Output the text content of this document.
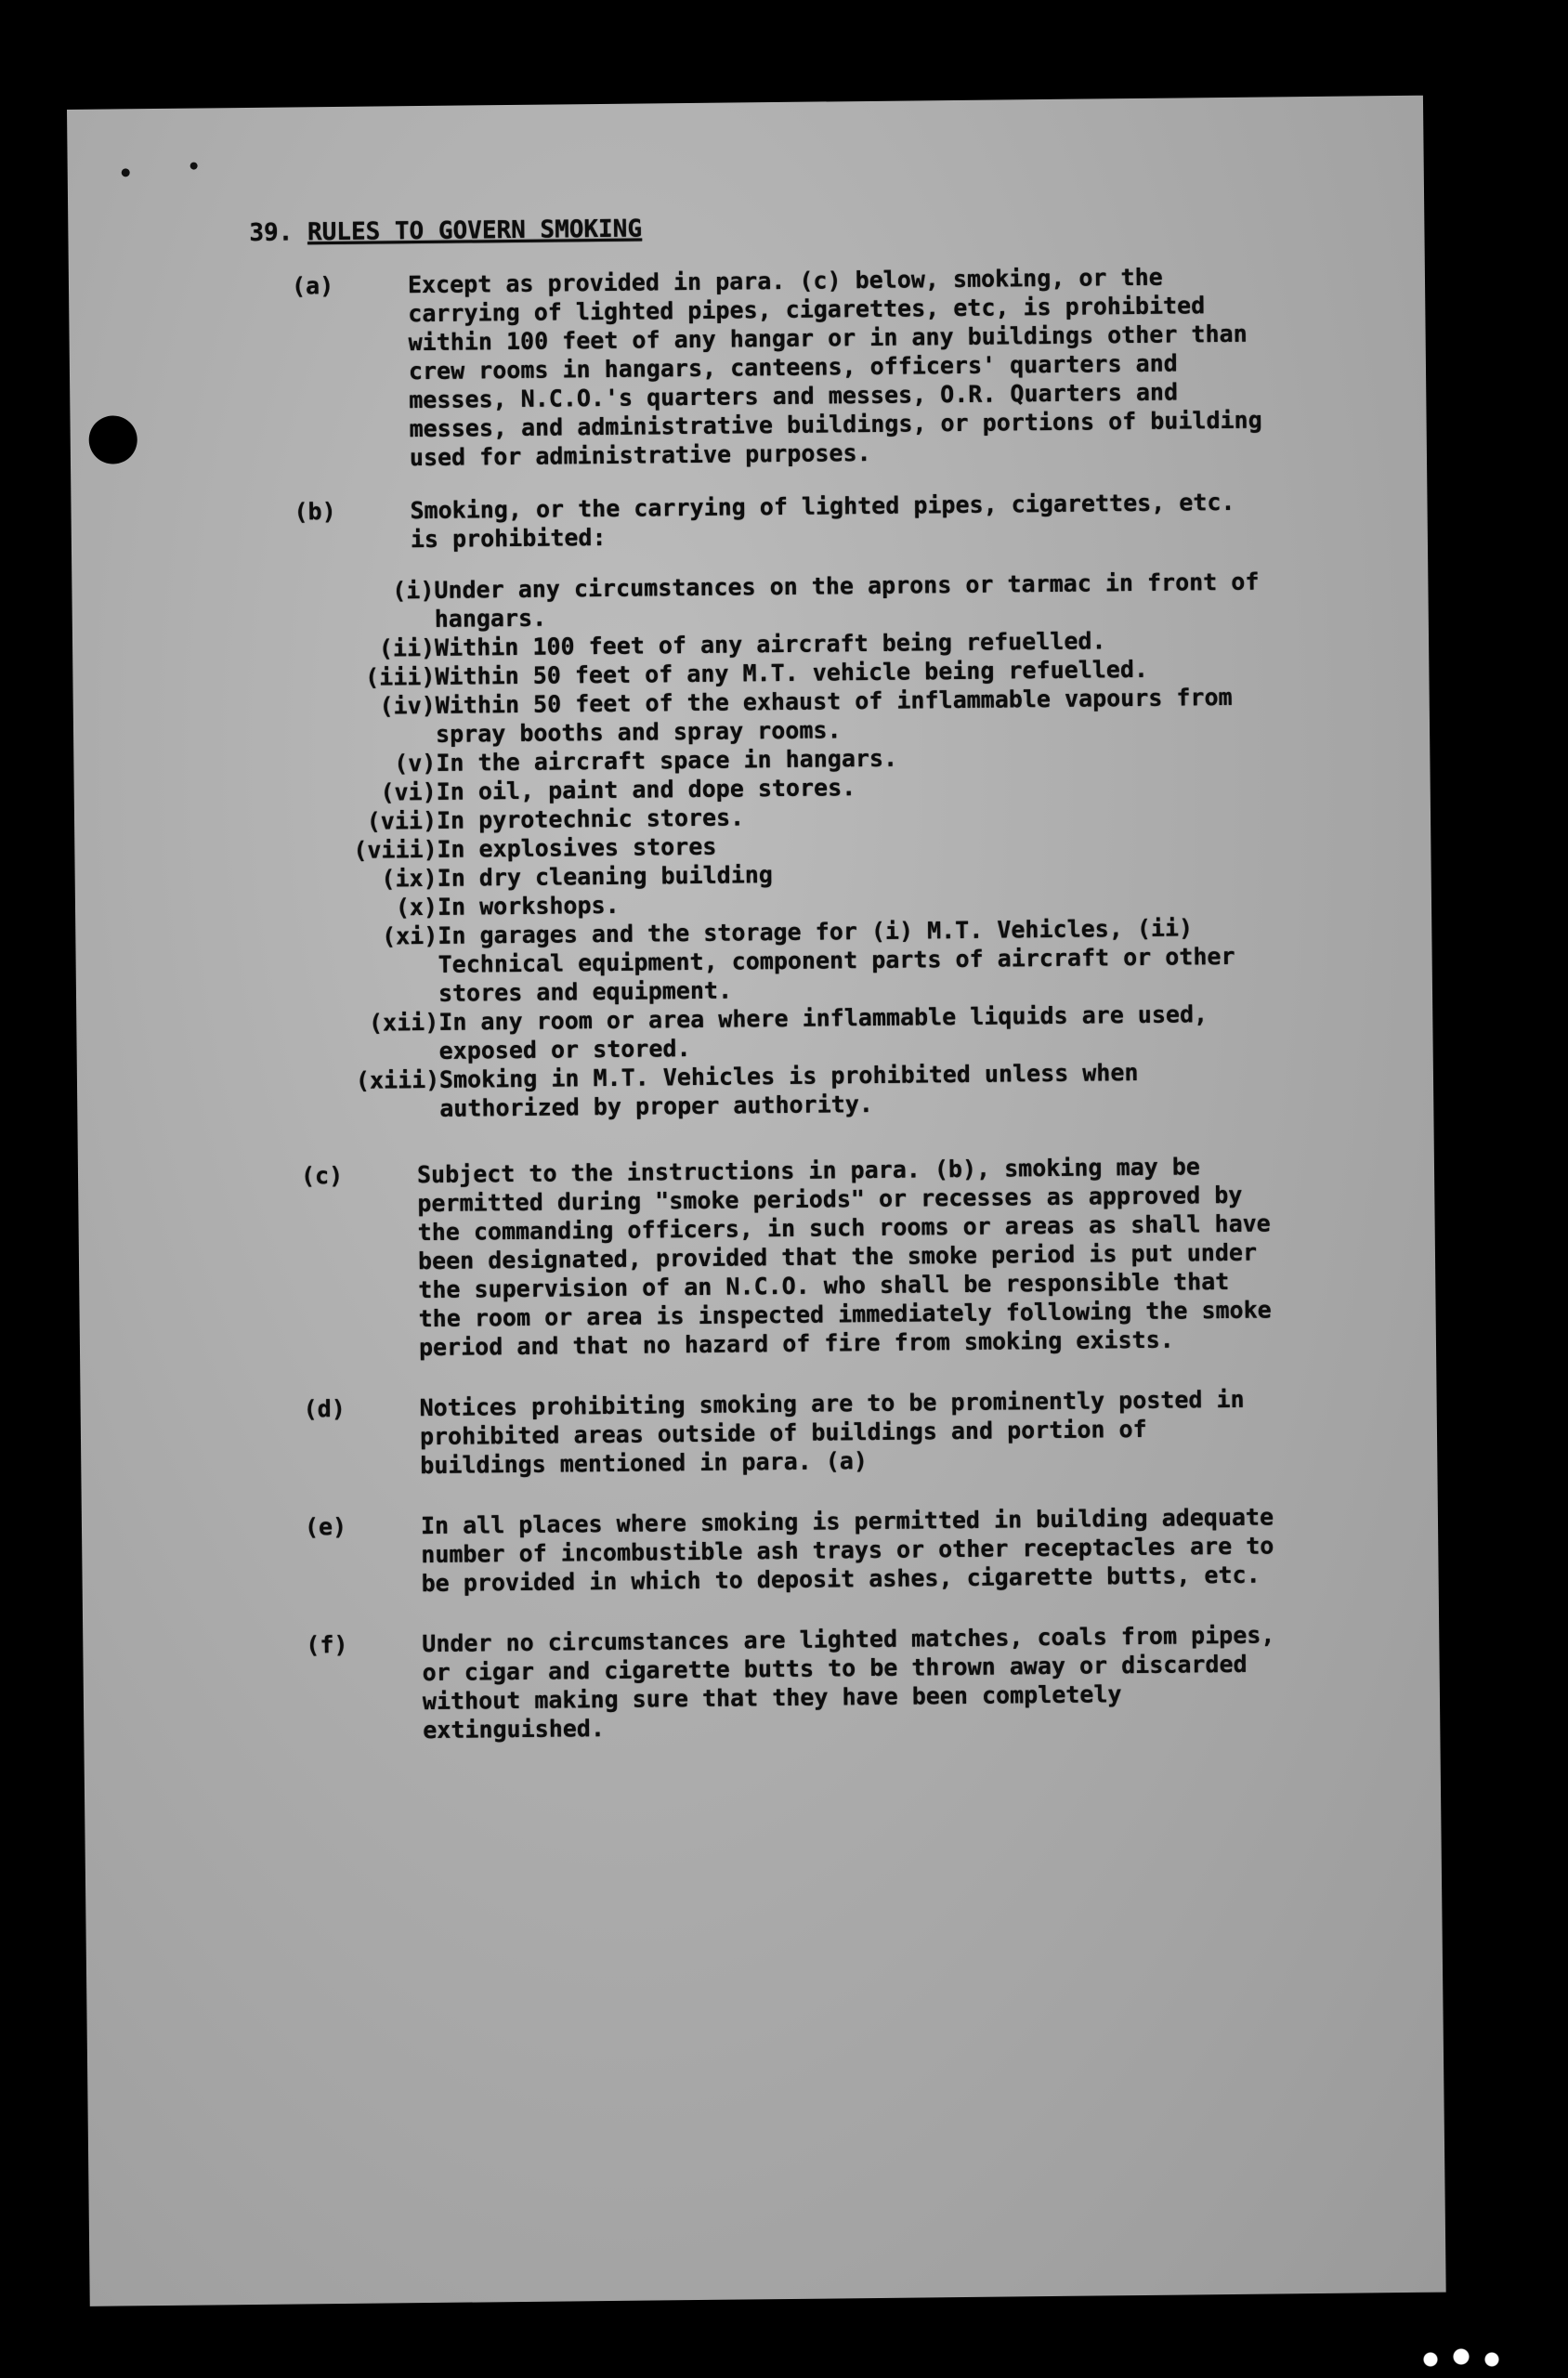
39. RULES TO GOVERN SMOKING
(a)	Except as provided in para. (c) below, smoking, or the carrying of lighted pipes, cigarettes, etc, is prohibited within 100 feet of any hangar or in any buildings other than crew rooms in hangars, canteens, officers' quarters and messes, N.C.O.'s quarters and messes, O.R. Quarters and messes, and administrative buildings, or portions of building used for administrative purposes.
(b)	Smoking, or the carrying of lighted pipes, cigarettes, etc. is prohibited:
(i) Under any circumstances on the aprons or tarmac in front of hangars.
(ii) Within 100 feet of any aircraft being refuelled.
(iii) Within 50 feet of any M.T. vehicle being refuelled.
(iv) Within 50 feet of the exhaust of inflammable vapours from spray booths and spray rooms.
(v) In the aircraft space in hangars.
(vi) In oil, paint and dope stores.
(vii) In pyrotechnic stores.
(viii) In explosives stores
(ix) In dry cleaning building
(x) In workshops.
(xi) In garages and the storage for (i) M.T. Vehicles, (ii) Technical equipment, component parts of aircraft or other stores and equipment.
(xii) In any room or area where inflammable liquids are used, exposed or stored.
(xiii) Smoking in M.T. Vehicles is prohibited unless when authorized by proper authority.
(c)	Subject to the instructions in para. (b), smoking may be permitted during "smoke periods" or recesses as approved by the commanding officers, in such rooms or areas as shall have been designated, provided that the smoke period is put under the supervision of an N.C.O. who shall be responsible that the room or area is inspected immediately following the smoke period and that no hazard of fire from smoking exists.
(d)	Notices prohibiting smoking are to be prominently posted in prohibited areas outside of buildings and portion of buildings mentioned in para. (a)
(e)	In all places where smoking is permitted in building adequate number of incombustible ash trays or other receptacles are to be provided in which to deposit ashes, cigarette butts, etc.
(f)	Under no circumstances are lighted matches, coals from pipes, or cigar and cigarette butts to be thrown away or discarded without making sure that they have been completely extinguished.
